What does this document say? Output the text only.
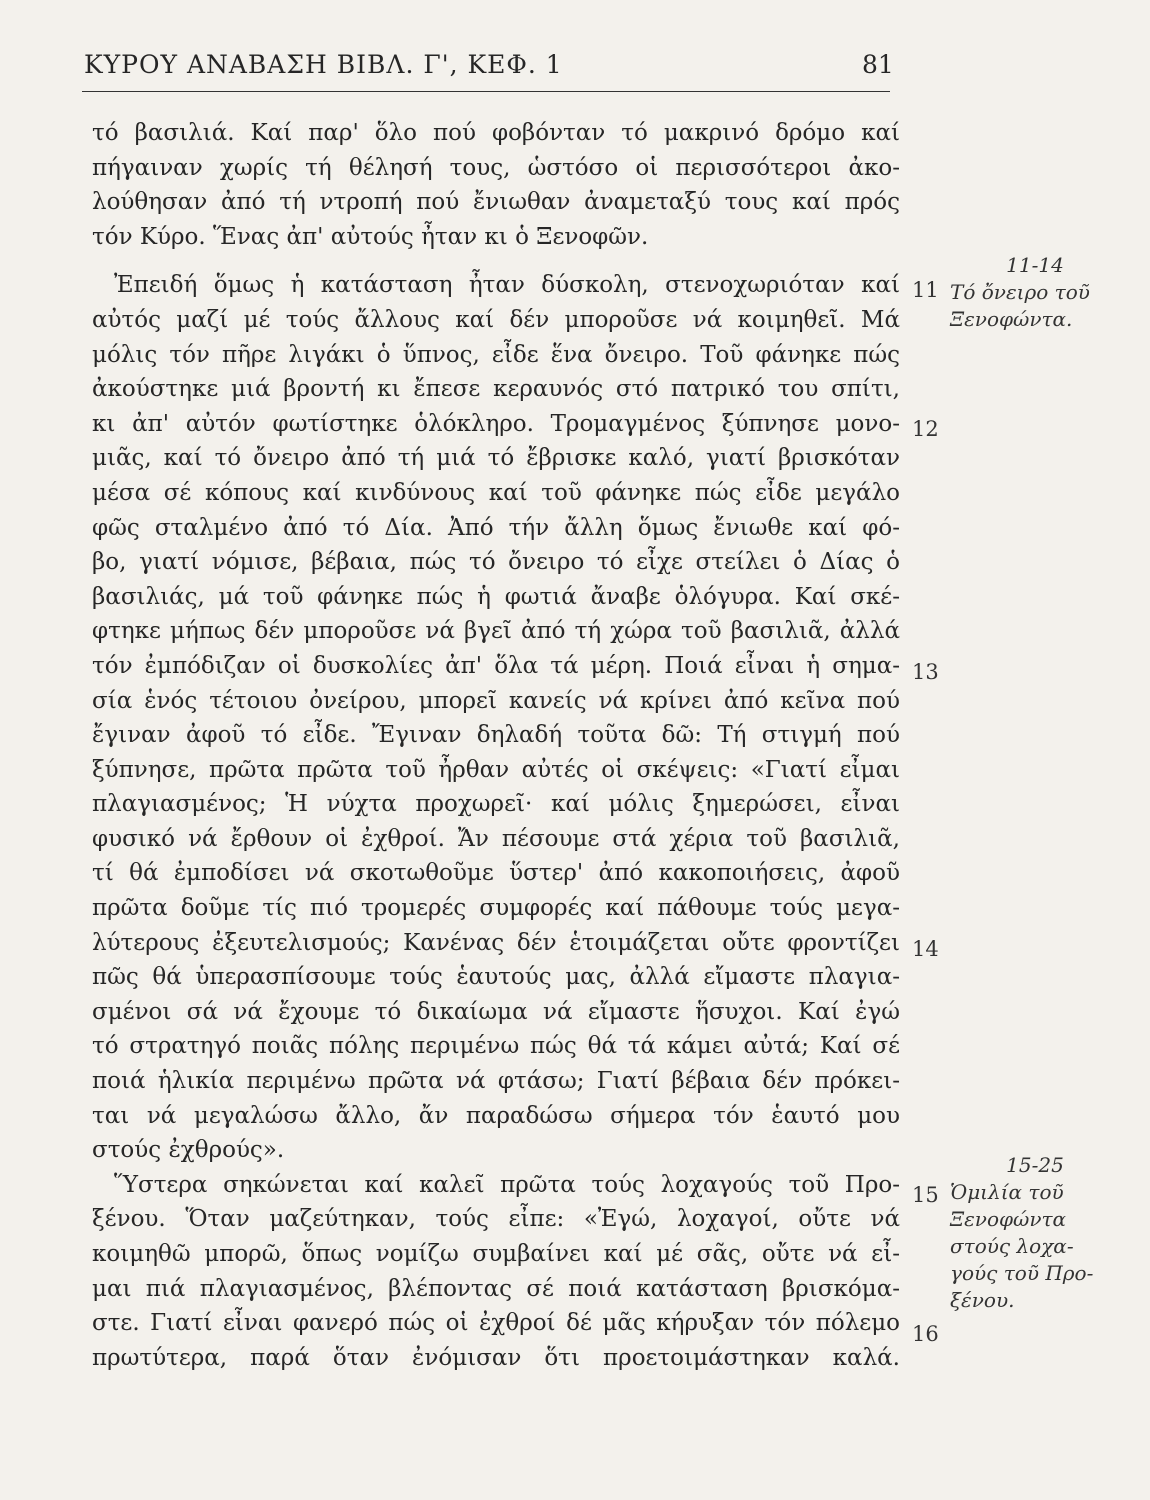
ΚΥΡΟΥ ΑΝΑΒΑΣΗ ΒΙΒΛ. Γ', ΚΕΦ. 1	81
τό βασιλιά. Καί παρ' ὅλο πού φοβόνταν τό μακρινό δρόμο καί
πήγαιναν χωρίς τή θέλησή τους, ὡστόσο οἱ περισσότεροι ἀκο-
λούθησαν ἀπό τή ντροπή πού ἔνιωθαν ἀναμεταξύ τους καί πρός
τόν Κύρο. Ἕνας ἀπ' αὐτούς ἦταν κι ὁ Ξενοφῶν.
Ἐπειδή ὅμως ἡ κατάσταση ἦταν δύσκολη, στενοχωριόταν καί
αὐτός μαζί μέ τούς ἄλλους καί δέν μποροῦσε νά κοιμηθεῖ. Μά
μόλις τόν πῆρε λιγάκι ὁ ὕπνος, εἶδε ἕνα ὄνειρο. Τοῦ φάνηκε πώς
ἀκούστηκε μιά βροντή κι ἔπεσε κεραυνός στό πατρικό του σπίτι,
κι ἀπ' αὐτόν φωτίστηκε ὁλόκληρο. Τρομαγμένος ξύπνησε μονο-
μιᾶς, καί τό ὄνειρο ἀπό τή μιά τό ἔβρισκε καλό, γιατί βρισκόταν
μέσα σέ κόπους καί κινδύνους καί τοῦ φάνηκε πώς εἶδε μεγάλο
φῶς σταλμένο ἀπό τό Δία. Ἀπό τήν ἄλλη ὅμως ἔνιωθε καί φό-
βο, γιατί νόμισε, βέβαια, πώς τό ὄνειρο τό εἶχε στείλει ὁ Δίας ὁ
βασιλιάς, μά τοῦ φάνηκε πώς ἡ φωτιά ἄναβε ὁλόγυρα. Καί σκέ-
φτηκε μήπως δέν μποροῦσε νά βγεῖ ἀπό τή χώρα τοῦ βασιλιᾶ, ἀλλά
τόν ἐμπόδιζαν οἱ δυσκολίες ἀπ' ὅλα τά μέρη. Ποιά εἶναι ἡ σημα-
σία ἑνός τέτοιου ὀνείρου, μπορεῖ κανείς νά κρίνει ἀπό κεῖνα πού
ἔγιναν ἀφοῦ τό εἶδε. Ἔγιναν δηλαδή τοῦτα δῶ: Τή στιγμή πού
ξύπνησε, πρῶτα πρῶτα τοῦ ἦρθαν αὐτές οἱ σκέψεις: «Γιατί εἶμαι
πλαγιασμένος; Ἡ νύχτα προχωρεῖ· καί μόλις ξημερώσει, εἶναι
φυσικό νά ἔρθουν οἱ ἐχθροί. Ἄν πέσουμε στά χέρια τοῦ βασιλιᾶ,
τί θά ἐμποδίσει νά σκοτωθοῦμε ὕστερ' ἀπό κακοποιήσεις, ἀφοῦ
πρῶτα δοῦμε τίς πιό τρομερές συμφορές καί πάθουμε τούς μεγα-
λύτερους ἐξευτελισμούς; Κανένας δέν ἑτοιμάζεται οὔτε φροντίζει
πῶς θά ὑπερασπίσουμε τούς ἑαυτούς μας, ἀλλά εἴμαστε πλαγια-
σμένοι σά νά ἔχουμε τό δικαίωμα νά εἴμαστε ἥσυχοι. Καί ἐγώ
τό στρατηγό ποιᾶς πόλης περιμένω πώς θά τά κάμει αὐτά; Καί σέ
ποιά ἡλικία περιμένω πρῶτα νά φτάσω; Γιατί βέβαια δέν πρόκει-
ται νά μεγαλώσω ἄλλο, ἄν παραδώσω σήμερα τόν ἑαυτό μου
στούς ἐχθρούς».
Ὕστερα σηκώνεται καί καλεῖ πρῶτα τούς λοχαγούς τοῦ Προ-
ξένου. Ὅταν μαζεύτηκαν, τούς εἶπε: «Ἐγώ, λοχαγοί, οὔτε νά
κοιμηθῶ μπορῶ, ὅπως νομίζω συμβαίνει καί μέ σᾶς, οὔτε νά εἶ-
μαι πιά πλαγιασμένος, βλέποντας σέ ποιά κατάσταση βρισκόμα-
στε. Γιατί εἶναι φανερό πώς οἱ ἐχθροί δέ μᾶς κήρυξαν τόν πόλεμο
πρωτύτερα, παρά ὅταν ἐνόμισαν ὅτι προετοιμάστηκαν καλά.
11
12
13
14
15
16
11-14
Τό ὄνειρο τοῦ
Ξενοφώντα.
15-25
Ὁμιλία τοῦ
Ξενοφώντα
στούς λοχα-
γούς τοῦ Προ-
ξένου.
